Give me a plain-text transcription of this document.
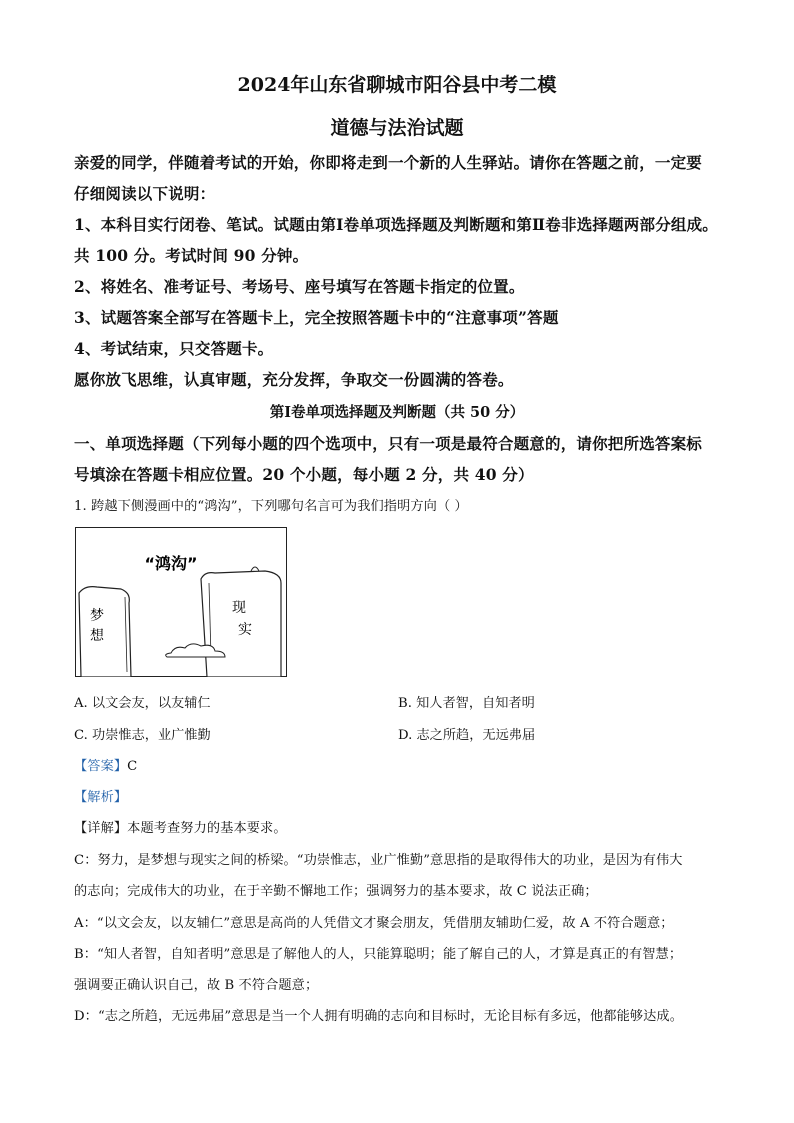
2024年山东省聊城市阳谷县中考二模
道德与法治试题
亲爱的同学，伴随着考试的开始，你即将走到一个新的人生驿站。请你在答题之前，一定要
仔细阅读以下说明：
1、本科目实行闭卷、笔试。试题由第Ⅰ卷单项选择题及判断题和第Ⅱ卷非选择题两部分组成。
共 100 分。考试时间 90 分钟。
2、将姓名、准考证号、考场号、座号填写在答题卡指定的位置。
3、试题答案全部写在答题卡上，完全按照答题卡中的“注意事项”答题
4、考试结束，只交答题卡。
愿你放飞思维，认真审题，充分发挥，争取交一份圆满的答卷。
第Ⅰ卷单项选择题及判断题（共 50 分）
一、单项选择题（下列每小题的四个选项中，只有一项是最符合题意的，请你把所选答案标
号填涂在答题卡相应位置。20 个小题，每小题 2 分，共 40 分）
1. 跨越下侧漫画中的“鸿沟”，下列哪句名言可为我们指明方向（ ）
“鸿沟”
梦
想
现
实
A. 以文会友，以友辅仁	B. 知人者智，自知者明
C. 功崇惟志，业广惟勤	D. 志之所趋，无远弗届
【答案】C
【解析】
【详解】本题考查努力的基本要求。
C：努力，是梦想与现实之间的桥梁。“功崇惟志，业广惟勤”意思指的是取得伟大的功业，是因为有伟大
的志向；完成伟大的功业，在于辛勤不懈地工作；强调努力的基本要求，故 C 说法正确；
A：“以文会友，以友辅仁”意思是高尚的人凭借文才聚会朋友，凭借朋友辅助仁爱，故 A 不符合题意；
B：“知人者智，自知者明”意思是了解他人的人，只能算聪明；能了解自己的人，才算是真正的有智慧；
强调要正确认识自己，故 B 不符合题意；
D：“志之所趋，无远弗届”意思是当一个人拥有明确的志向和目标时，无论目标有多远，他都能够达成。
